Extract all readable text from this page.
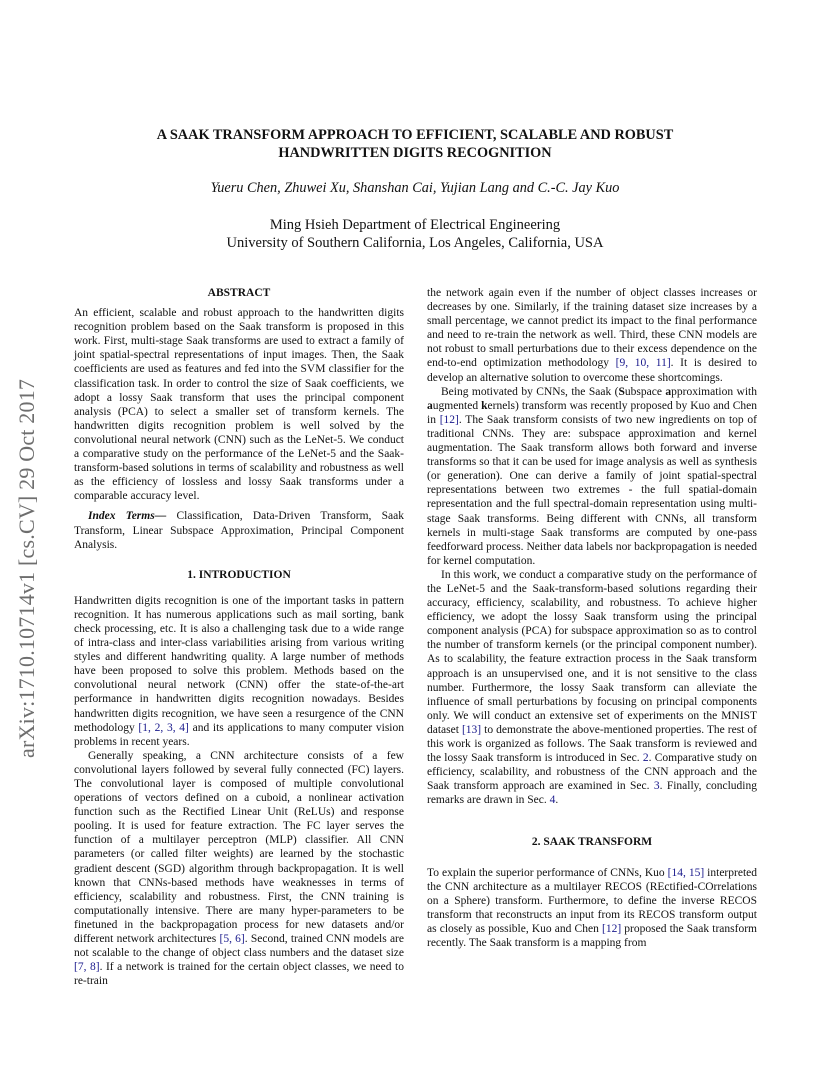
arXiv:1710.10714v1 [cs.CV] 29 Oct 2017
A SAAK TRANSFORM APPROACH TO EFFICIENT, SCALABLE AND ROBUST
HANDWRITTEN DIGITS RECOGNITION
Yueru Chen, Zhuwei Xu, Shanshan Cai, Yujian Lang and C.-C. Jay Kuo
Ming Hsieh Department of Electrical Engineering
University of Southern California, Los Angeles, California, USA

ABSTRACT

An efficient, scalable and robust approach to the handwritten digits recognition problem based on the Saak transform is proposed in this work. First, multi-stage Saak transforms are used to extract a family of joint spatial-spectral representations of input images. Then, the Saak coefficients are used as features and fed into the SVM classifier for the classification task. In order to control the size of Saak coefficients, we adopt a lossy Saak transform that uses the principal component analysis (PCA) to select a smaller set of transform kernels. The handwritten digits recognition problem is well solved by the convolutional neural network (CNN) such as the LeNet-5. We conduct a comparative study on the performance of the LeNet-5 and the Saak-transform-based solutions in terms of scalability and robustness as well as the efficiency of lossless and lossy Saak transforms under a comparable accuracy level.

Index Terms— Classification, Data-Driven Transform, Saak Transform, Linear Subspace Approximation, Principal Component Analysis.

1. INTRODUCTION

Handwritten digits recognition is one of the important tasks in pattern recognition. It has numerous applications such as mail sorting, bank check processing, etc. It is also a challenging task due to a wide range of intra-class and inter-class variabilities arising from various writing styles and different handwriting quality. A large number of methods have been proposed to solve this problem. Methods based on the convolutional neural network (CNN) offer the state-of-the-art performance in handwritten digits recognition nowadays. Besides handwritten digits recognition, we have seen a resurgence of the CNN methodology [1, 2, 3, 4] and its applications to many computer vision problems in recent years.

Generally speaking, a CNN architecture consists of a few convolutional layers followed by several fully connected (FC) layers. The convolutional layer is composed of multiple convolutional operations of vectors defined on a cuboid, a nonlinear activation function such as the Rectified Linear Unit (ReLUs) and response pooling. It is used for feature extraction. The FC layer serves the function of a multilayer perceptron (MLP) classifier. All CNN parameters (or called filter weights) are learned by the stochastic gradient descent (SGD) algorithm through backpropagation. It is well known that CNNs-based methods have weaknesses in terms of efficiency, scalability and robustness. First, the CNN training is computationally intensive. There are many hyper-parameters to be finetuned in the backpropagation process for new datasets and/or different network architectures [5, 6]. Second, trained CNN models are not scalable to the change of object class numbers and the dataset size [7, 8]. If a network is trained for the certain object classes, we need to re-train

the network again even if the number of object classes increases or decreases by one. Similarly, if the training dataset size increases by a small percentage, we cannot predict its impact to the final performance and need to re-train the network as well. Third, these CNN models are not robust to small perturbations due to their excess dependence on the end-to-end optimization methodology [9, 10, 11]. It is desired to develop an alternative solution to overcome these shortcomings.

Being motivated by CNNs, the Saak (Subspace approximation with augmented kernels) transform was recently proposed by Kuo and Chen in [12]. The Saak transform consists of two new ingredients on top of traditional CNNs. They are: subspace approximation and kernel augmentation. The Saak transform allows both forward and inverse transforms so that it can be used for image analysis as well as synthesis (or generation). One can derive a family of joint spatial-spectral representations between two extremes - the full spatial-domain representation and the full spectral-domain representation using multi-stage Saak transforms. Being different with CNNs, all transform kernels in multi-stage Saak transforms are computed by one-pass feedforward process. Neither data labels nor backpropagation is needed for kernel computation.

In this work, we conduct a comparative study on the performance of the LeNet-5 and the Saak-transform-based solutions regarding their accuracy, efficiency, scalability, and robustness. To achieve higher efficiency, we adopt the lossy Saak transform using the principal component analysis (PCA) for subspace approximation so as to control the number of transform kernels (or the principal component number). As to scalability, the feature extraction process in the Saak transform approach is an unsupervised one, and it is not sensitive to the class number. Furthermore, the lossy Saak transform can alleviate the influence of small perturbations by focusing on principal components only. We will conduct an extensive set of experiments on the MNIST dataset [13] to demonstrate the above-mentioned properties. The rest of this work is organized as follows. The Saak transform is reviewed and the lossy Saak transform is introduced in Sec. 2. Comparative study on efficiency, scalability, and robustness of the CNN approach and the Saak transform approach are examined in Sec. 3. Finally, concluding remarks are drawn in Sec. 4.

2. SAAK TRANSFORM

To explain the superior performance of CNNs, Kuo [14, 15] interpreted the CNN architecture as a multilayer RECOS (REctified-COrrelations on a Sphere) transform. Furthermore, to define the inverse RECOS transform that reconstructs an input from its RECOS transform output as closely as possible, Kuo and Chen [12] proposed the Saak transform recently. The Saak transform is a mapping from
